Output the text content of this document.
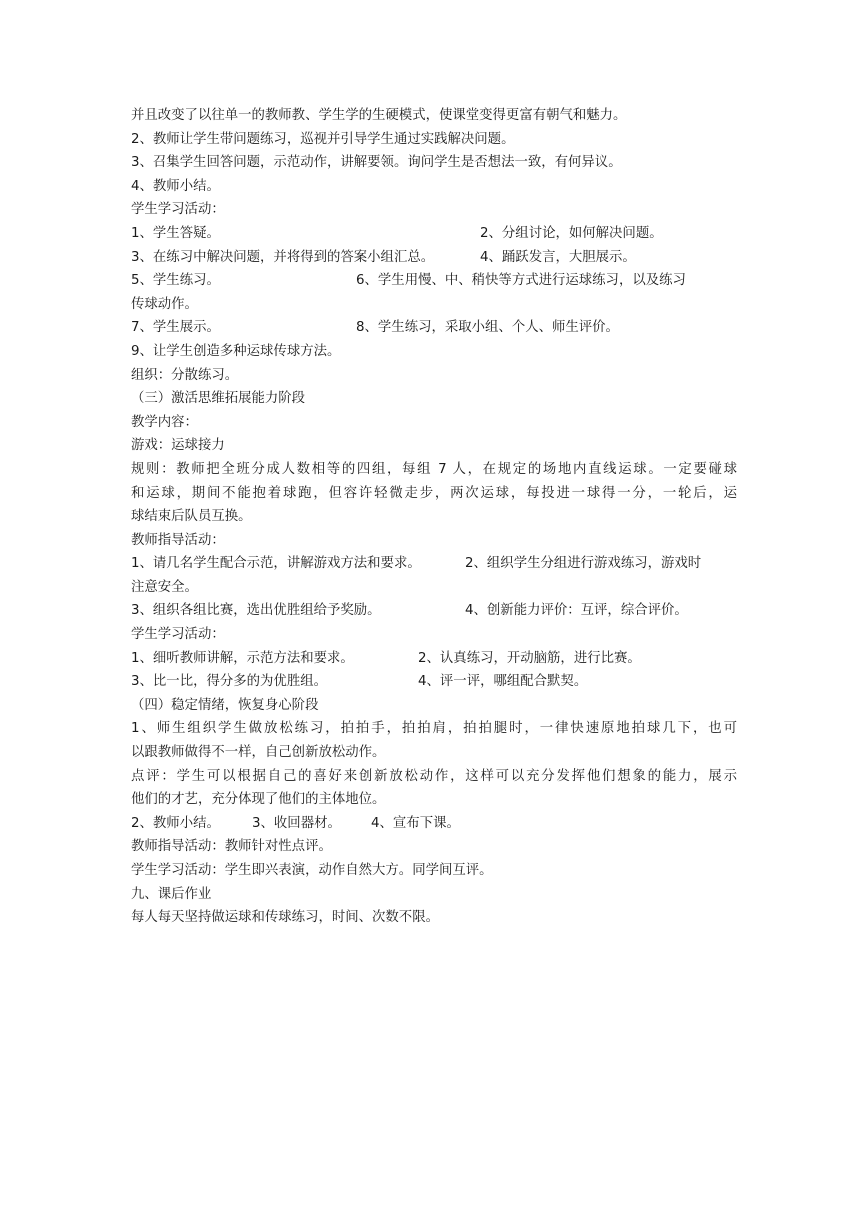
并且改变了以往单一的教师教、学生学的生硬模式，使课堂变得更富有朝气和魅力。
2、教师让学生带问题练习，巡视并引导学生通过实践解决问题。
3、召集学生回答问题，示范动作，讲解要领。询问学生是否想法一致，有何异议。
4、教师小结。
学生学习活动：
1、学生答疑。	2、分组讨论，如何解决问题。
3、在练习中解决问题，并将得到的答案小组汇总。	4、踊跃发言，大胆展示。
5、学生练习。	6、学生用慢、中、稍快等方式进行运球练习，以及练习
传球动作。
7、学生展示。	8、学生练习，采取小组、个人、师生评价。
9、让学生创造多种运球传球方法。
组织：分散练习。
（三）激活思维拓展能力阶段
教学内容：
游戏：运球接力
规则：教师把全班分成人数相等的四组，每组 7 人，在规定的场地内直线运球。一定要碰球
和运球，期间不能抱着球跑，但容许轻微走步，两次运球，每投进一球得一分，一轮后，运
球结束后队员互换。
教师指导活动：
1、请几名学生配合示范，讲解游戏方法和要求。	2、组织学生分组进行游戏练习，游戏时
注意安全。
3、组织各组比赛，选出优胜组给予奖励。	4、创新能力评价：互评，综合评价。
学生学习活动：
1、细听教师讲解，示范方法和要求。	2、认真练习，开动脑筋，进行比赛。
3、比一比，得分多的为优胜组。	4、评一评，哪组配合默契。
（四）稳定情绪，恢复身心阶段
1、师生组织学生做放松练习，拍拍手，拍拍肩，拍拍腿时，一律快速原地拍球几下，也可
以跟教师做得不一样，自己创新放松动作。
点评：学生可以根据自己的喜好来创新放松动作，这样可以充分发挥他们想象的能力，展示
他们的才艺，充分体现了他们的主体地位。
2、教师小结。 3、收回器材。 4、宣布下课。
教师指导活动：教师针对性点评。
学生学习活动：学生即兴表演，动作自然大方。同学间互评。
九、课后作业
每人每天坚持做运球和传球练习，时间、次数不限。
